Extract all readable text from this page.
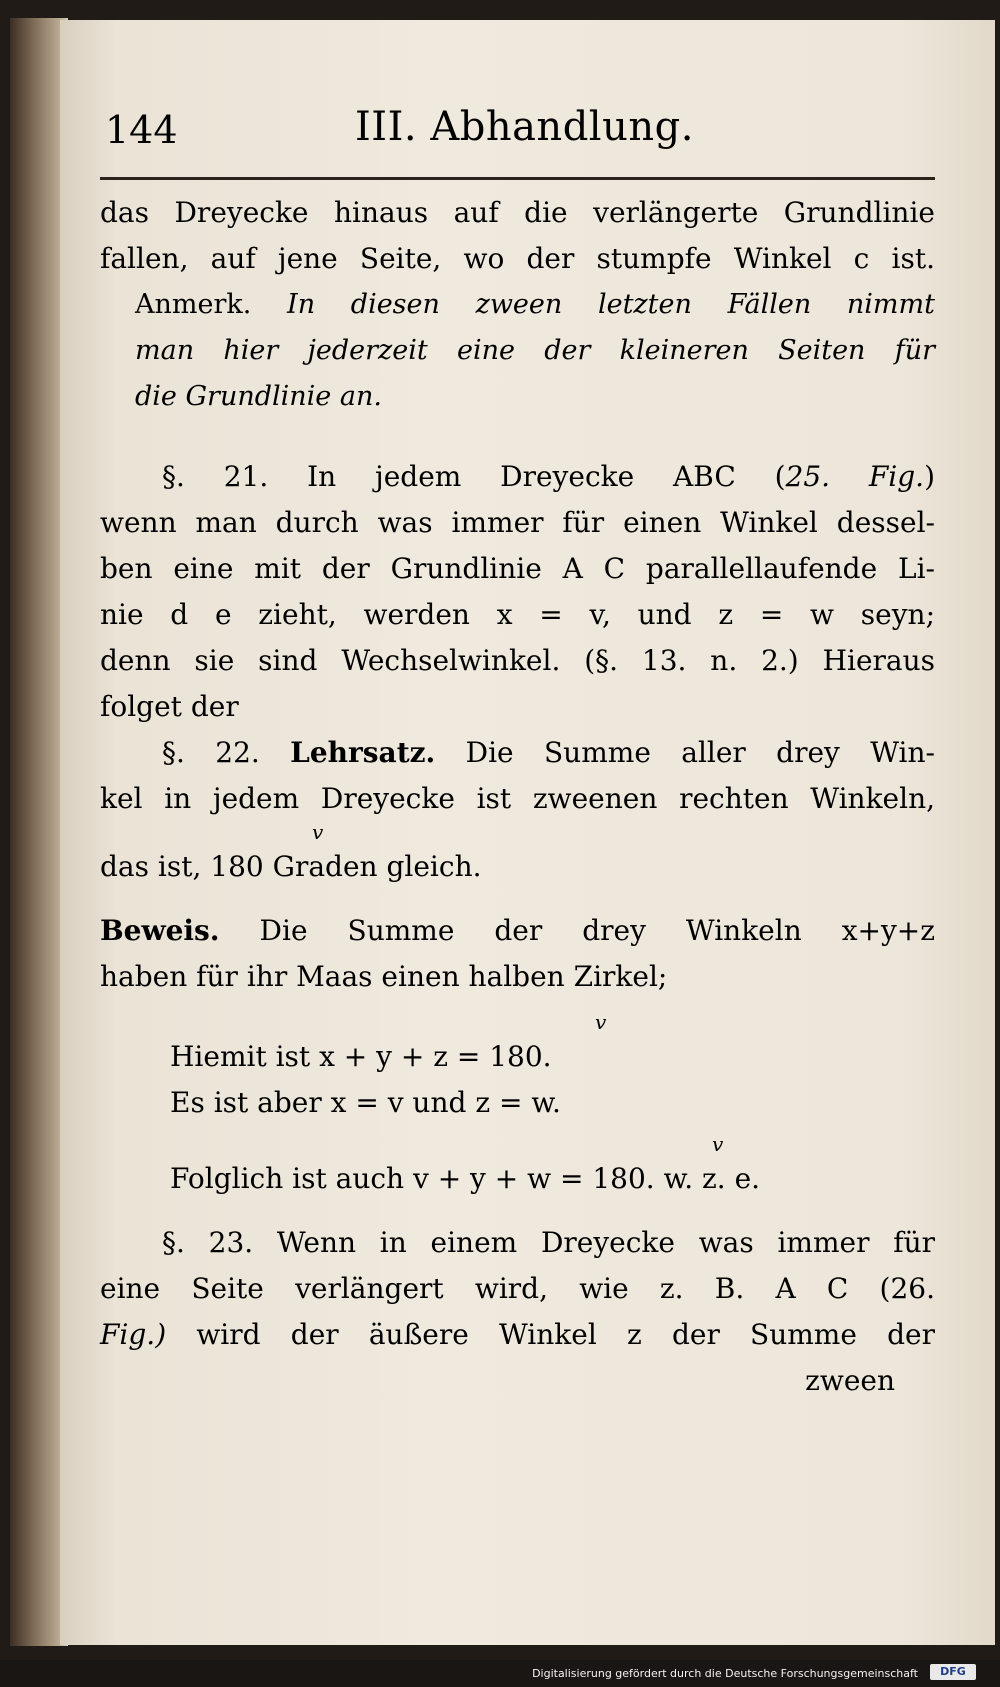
144	III. Abhandlung.
das Dreyecke hinaus auf die verlängerte Grundlinie
fallen, auf jene Seite, wo der stumpfe Winkel c ist.
Anmerk. In diesen zween letzten Fällen nimmt
man hier jederzeit eine der kleineren Seiten für
die Grundlinie an.
§. 21. In jedem Dreyecke ABC (25. Fig.)
wenn man durch was immer für einen Winkel dessel-
ben eine mit der Grundlinie A C parallellaufende Li-
nie d e zieht, werden x = v, und z = w seyn;
denn sie sind Wechselwinkel. (§. 13. n. 2.) Hieraus
folget der
§. 22. Lehrsatz. Die Summe aller drey Win-
kel in jedem Dreyecke ist zweenen rechten Winkeln,
v
das ist, 180 Graden gleich.
Beweis. Die Summe der drey Winkeln x+y+z
haben für ihr Maas einen halben Zirkel;
v
Hiemit ist x + y + z = 180.
Es ist aber x = v und z = w.
v
Folglich ist auch v + y + w = 180. w. z. e.
§. 23. Wenn in einem Dreyecke was immer für
eine Seite verlängert wird, wie z. B. A C (26.
Fig.) wird der äußere Winkel z der Summe der
zween
Digitalisierung gefördert durch die Deutsche Forschungsgemeinschaft	DFG
